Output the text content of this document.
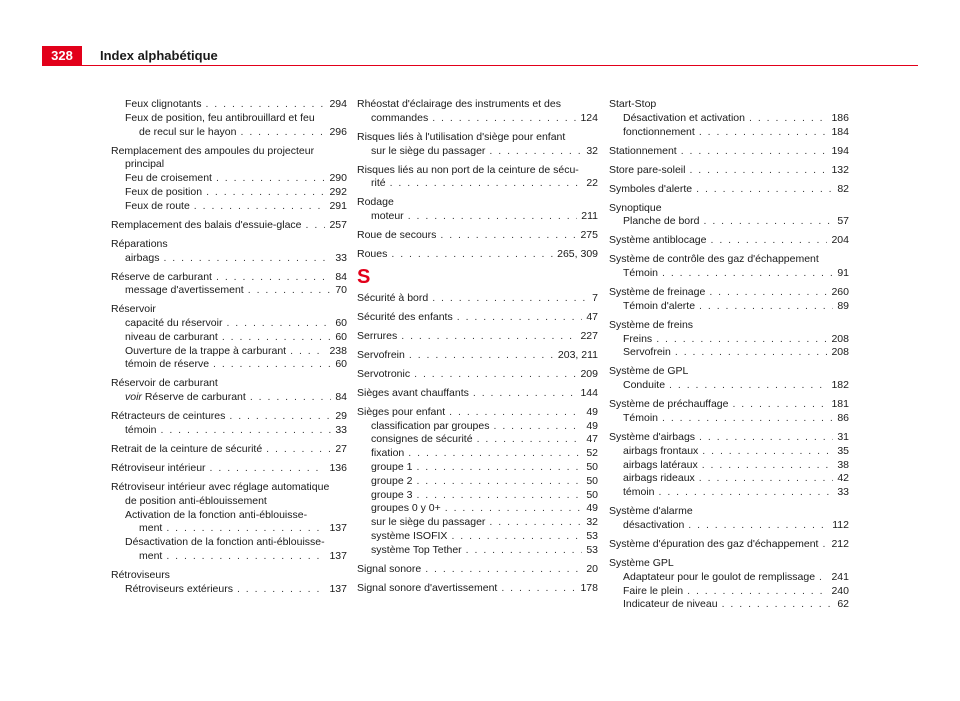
328	Index alphabétique
Feux clignotants . . .	294
Feux de position, feu antibrouillard et feu
de recul sur le hayon . . .	296
Remplacement des ampoules du projecteur
principal
Feu de croisement . . .	290
Feux de position . . .	292
Feux de route . . .	291
Remplacement des balais d'essuie-glace . . .	257
Réparations
airbags . . .	33
Réserve de carburant . . .	84
message d'avertissement . . .	70
Réservoir
capacité du réservoir . . .	60
niveau de carburant . . .	60
Ouverture de la trappe à carburant . . .	238
témoin de réserve . . .	60
Réservoir de carburant
voir Réserve de carburant . . .	84
Rétracteurs de ceintures . . .	29
témoin . . .	33
Retrait de la ceinture de sécurité . . .	27
Rétroviseur intérieur . . .	136
Rétroviseur intérieur avec réglage automatique
de position anti-éblouissement
Activation de la fonction anti-éblouisse-
ment . . .	137
Désactivation de la fonction anti-éblouisse-
ment . . .	137
Rétroviseurs
Rétroviseurs extérieurs . . .	137
Rhéostat d'éclairage des instruments et des
commandes . . .	124
Risques liés à l'utilisation d'siège pour enfant
sur le siège du passager . . .	32
Risques liés au non port de la ceinture de sécu-
rité . . .	22
Rodage
moteur . . .	211
Roue de secours . . .	275
Roues . . .	265, 309
S
Sécurité à bord . . .	7
Sécurité des enfants . . .	47
Serrures . . .	227
Servofrein . . .	203, 211
Servotronic . . .	209
Sièges avant chauffants . . .	144
Sièges pour enfant . . .	49
classification par groupes . . .	49
consignes de sécurité . . .	47
fixation . . .	52
groupe 1 . . .	50
groupe 2 . . .	50
groupe 3 . . .	50
groupes 0 y 0+ . . .	49
sur le siège du passager . . .	32
système ISOFIX . . .	53
système Top Tether . . .	53
Signal sonore . . .	20
Signal sonore d'avertissement . . .	178
Start-Stop
Désactivation et activation . . .	186
fonctionnement . . .	184
Stationnement . . .	194
Store pare-soleil . . .	132
Symboles d'alerte . . .	82
Synoptique
Planche de bord . . .	57
Système antiblocage . . .	204
Système de contrôle des gaz d'échappement
Témoin . . .	91
Système de freinage . . .	260
Témoin d'alerte . . .	89
Système de freins
Freins . . .	208
Servofrein . . .	208
Système de GPL
Conduite . . .	182
Système de préchauffage . . .	181
Témoin . . .	86
Système d'airbags . . .	31
airbags frontaux . . .	35
airbags latéraux . . .	38
airbags rideaux . . .	42
témoin . . .	33
Système d'alarme
désactivation . . .	112
Système d'épuration des gaz d'échappement . . . 212
Système GPL
Adaptateur pour le goulot de remplissage . . . 241
Faire le plein . . .	240
Indicateur de niveau . . .	62
